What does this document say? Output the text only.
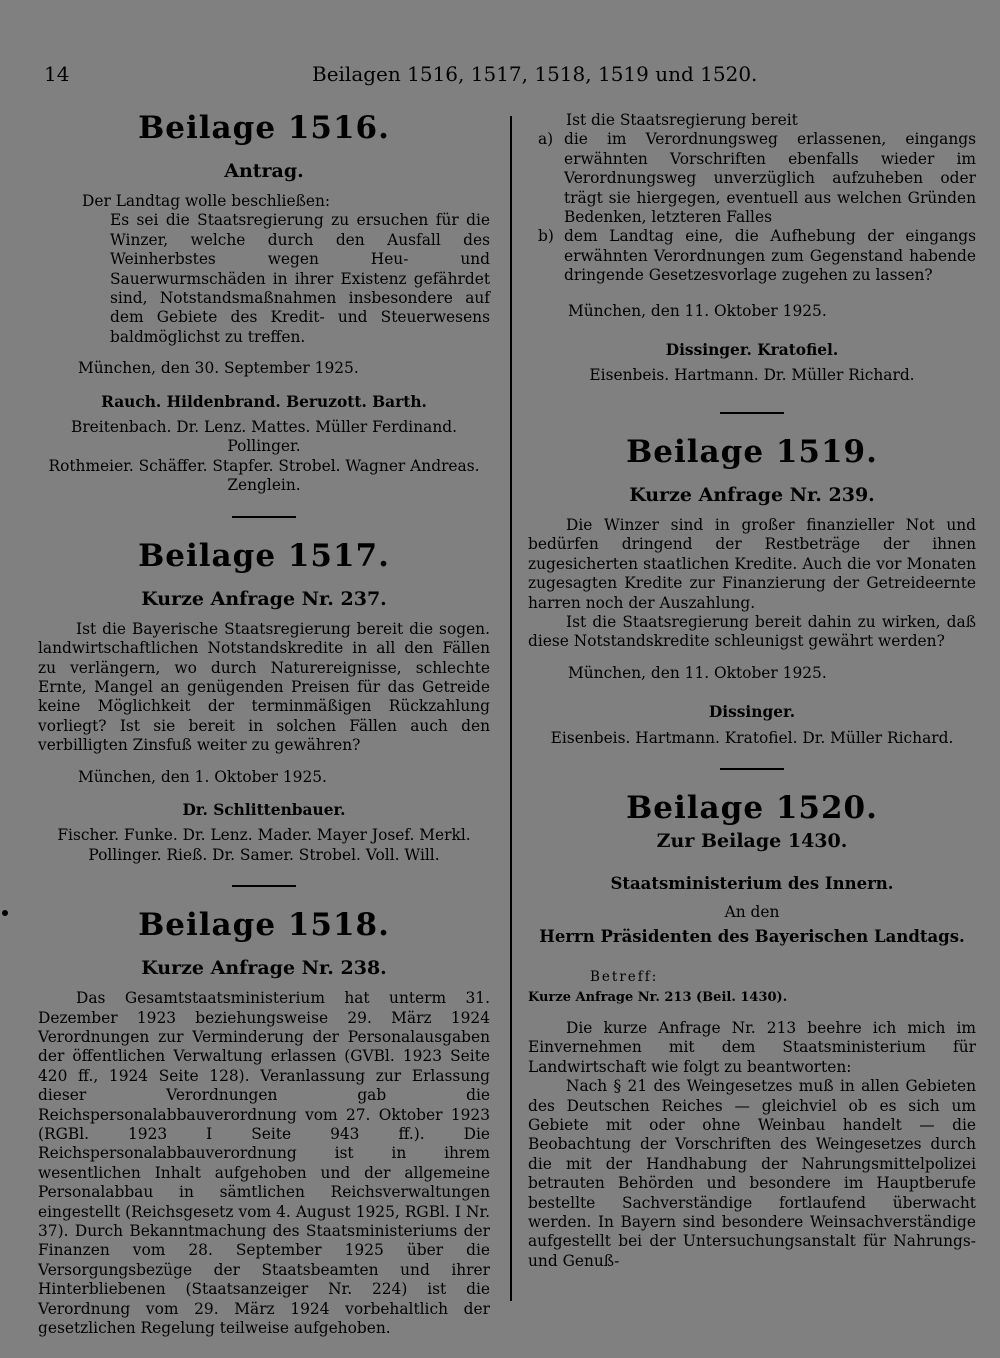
14	Beilagen 1516, 1517, 1518, 1519 und 1520.
Beilage 1516.
Antrag.

Der Landtag wolle beschließen:

Es sei die Staatsregierung zu ersuchen für die Winzer, welche durch den Ausfall des Weinherbstes wegen Heu- und Sauerwurmschäden in ihrer Existenz gefährdet sind, Notstandsmaßnahmen insbesondere auf dem Gebiete des Kredit- und Steuerwesens baldmöglichst zu treffen.

München, den 30. September 1925.

Rauch. Hildenbrand. Beruzott. Barth.

Breitenbach. Dr. Lenz. Mattes. Müller Ferdinand. Pollinger.

Rothmeier. Schäffer. Stapfer. Strobel. Wagner Andreas.

Zenglein.

Beilage 1517.
Kurze Anfrage Nr. 237.

Ist die Bayerische Staatsregierung bereit die sogen. landwirtschaftlichen Notstandskredite in all den Fällen zu verlängern, wo durch Naturereignisse, schlechte Ernte, Mangel an genügenden Preisen für das Getreide keine Möglichkeit der terminmäßigen Rückzahlung vorliegt? Ist sie bereit in solchen Fällen auch den verbilligten Zinsfuß weiter zu gewähren?

München, den 1. Oktober 1925.

Dr. Schlittenbauer.

Fischer. Funke. Dr. Lenz. Mader. Mayer Josef. Merkl.

Pollinger. Rieß. Dr. Samer. Strobel. Voll. Will.

Beilage 1518.
Kurze Anfrage Nr. 238.

Das Gesamtstaatsministerium hat unterm 31. Dezember 1923 beziehungsweise 29. März 1924 Verordnungen zur Verminderung der Personalausgaben der öffentlichen Verwaltung erlassen (GVBl. 1923 Seite 420 ff., 1924 Seite 128). Veranlassung zur Erlassung dieser Verordnungen gab die Reichspersonalabbauverordnung vom 27. Oktober 1923 (RGBl. 1923 I Seite 943 ff.). Die Reichspersonalabbauverordnung ist in ihrem wesentlichen Inhalt aufgehoben und der allgemeine Personalabbau in sämtlichen Reichsverwaltungen eingestellt (Reichsgesetz vom 4. August 1925, RGBl. I Nr. 37). Durch Bekanntmachung des Staatsministeriums der Finanzen vom 28. September 1925 über die Versorgungsbezüge der Staatsbeamten und ihrer Hinterbliebenen (Staatsanzeiger Nr. 224) ist die Verordnung vom 29. März 1924 vorbehaltlich der gesetzlichen Regelung teilweise aufgehoben.

Ist die Staatsregierung bereit

a) die im Verordnungsweg erlassenen, eingangs erwähnten Vorschriften ebenfalls wieder im Verordnungsweg unverzüglich aufzuheben oder trägt sie hiergegen, eventuell aus welchen Gründen Bedenken, letzteren Falles

b) dem Landtag eine, die Aufhebung der eingangs erwähnten Verordnungen zum Gegenstand habende dringende Gesetzesvorlage zugehen zu lassen?

München, den 11. Oktober 1925.

Dissinger. Kratofiel.

Eisenbeis. Hartmann. Dr. Müller Richard.

Beilage 1519.
Kurze Anfrage Nr. 239.

Die Winzer sind in großer finanzieller Not und bedürfen dringend der Restbeträge der ihnen zugesicherten staatlichen Kredite. Auch die vor Monaten zugesagten Kredite zur Finanzierung der Getreideernte harren noch der Auszahlung.

Ist die Staatsregierung bereit dahin zu wirken, daß diese Notstandskredite schleunigst gewährt werden?

München, den 11. Oktober 1925.

Dissinger.

Eisenbeis. Hartmann. Kratofiel. Dr. Müller Richard.

Beilage 1520.
Zur Beilage 1430.

Staatsministerium des Innern.

An den

Herrn Präsidenten des Bayerischen Landtags.

Betreff:

Kurze Anfrage Nr. 213 (Beil. 1430).

Die kurze Anfrage Nr. 213 beehre ich mich im Einvernehmen mit dem Staatsministerium für Landwirtschaft wie folgt zu beantworten:

Nach § 21 des Weingesetzes muß in allen Gebieten des Deutschen Reiches — gleichviel ob es sich um Gebiete mit oder ohne Weinbau handelt — die Beobachtung der Vorschriften des Weingesetzes durch die mit der Handhabung der Nahrungsmittelpolizei betrauten Behörden und besondere im Hauptberufe bestellte Sachverständige fortlaufend überwacht werden. In Bayern sind besondere Weinsachverständige aufgestellt bei der Untersuchungsanstalt für Nahrungs- und Genuß-
